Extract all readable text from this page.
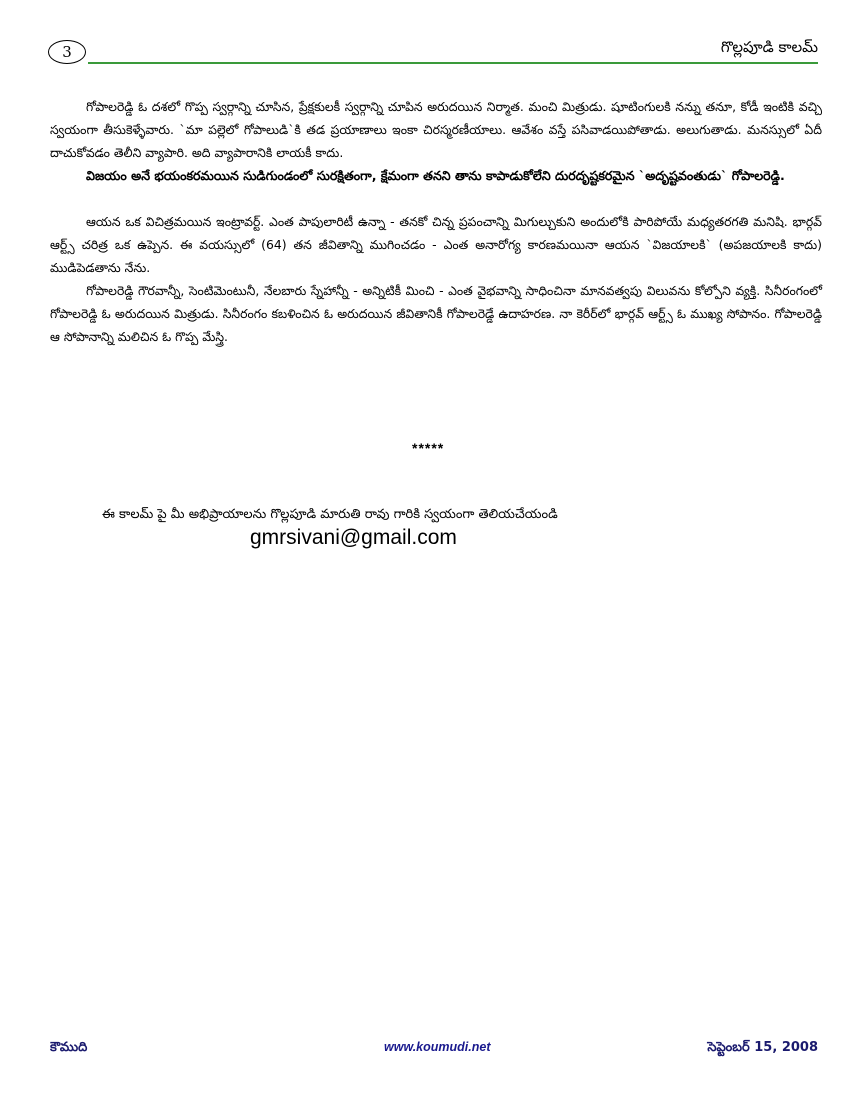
3	గొల్లపూడి కాలమ్

గోపాలరెడ్డి ఓ దశలో గొప్ప స్వర్గాన్ని చూసిన, ప్రేక్షకులకీ స్వర్గాన్ని చూపిన అరుదయిన నిర్మాత. మంచి మిత్రుడు. షూటింగులకి నన్ను తనూ, కోడీ ఇంటికి వచ్చి స్వయంగా తీసుకెళ్ళేవారు. `మా పల్లెలో గోపాలుడి`కి తడ ప్రయాణాలు ఇంకా చిరస్మరణీయాలు. ఆవేశం వస్తే పసివాడయిపోతాడు. అలుగుతాడు. మనస్సులో ఏదీ దాచుకోవడం తెలీని వ్యాపారి. అది వ్యాపారానికి లాయకీ కాదు.

విజయం అనే భయంకరమయిన సుడిగుండంలో సురక్షితంగా, క్షేమంగా తనని తాను కాపాడుకోలేని దురదృష్టకరమైన `అదృష్టవంతుడు` గోపాలరెడ్డి.

ఆయన ఒక విచిత్రమయిన ఇంట్రావర్ట్. ఎంత పాపులారిటీ ఉన్నా - తనకో చిన్న ప్రపంచాన్ని మిగుల్చుకుని అందులోకి పారిపోయే మధ్యతరగతి మనిషి. భార్గవ్ ఆర్ట్స్ చరిత్ర ఒక ఉప్పెన. ఈ వయస్సులో (64) తన జీవితాన్ని ముగించడం - ఎంత అనారోగ్య కారణమయినా ఆయన `విజయాలకి` (అపజయాలకి కాదు) ముడిపెడతాను నేను.

గోపాలరెడ్డి గౌరవాన్నీ, సెంటిమెంటునీ, నేలబారు స్నేహాన్నీ - అన్నిటికీ మించి - ఎంత వైభవాన్ని సాధించినా మానవత్వపు విలువను కోల్పోని వ్యక్తి. సినీరంగంలో గోపాలరెడ్డి ఓ అరుదయిన మిత్రుడు. సినీరంగం కబళించిన ఓ అరుదయిన జీవితానికీ గోపాలరెడ్డే ఉదాహరణ. నా కెరీర్‌లో భార్గవ్ ఆర్ట్స్ ఓ ముఖ్య సోపానం. గోపాలరెడ్డి ఆ సోపానాన్ని మలిచిన ఓ గొప్ప మేస్త్రి.

*****
ఈ కాలమ్ పై మీ అభిప్రాయాలను గొల్లపూడి మారుతి రావు గారికి స్వయంగా తెలియచేయండి
gmrsivani@gmail.com
కౌముది	www.koumudi.net	సెప్టెంబర్ 15, 2008
